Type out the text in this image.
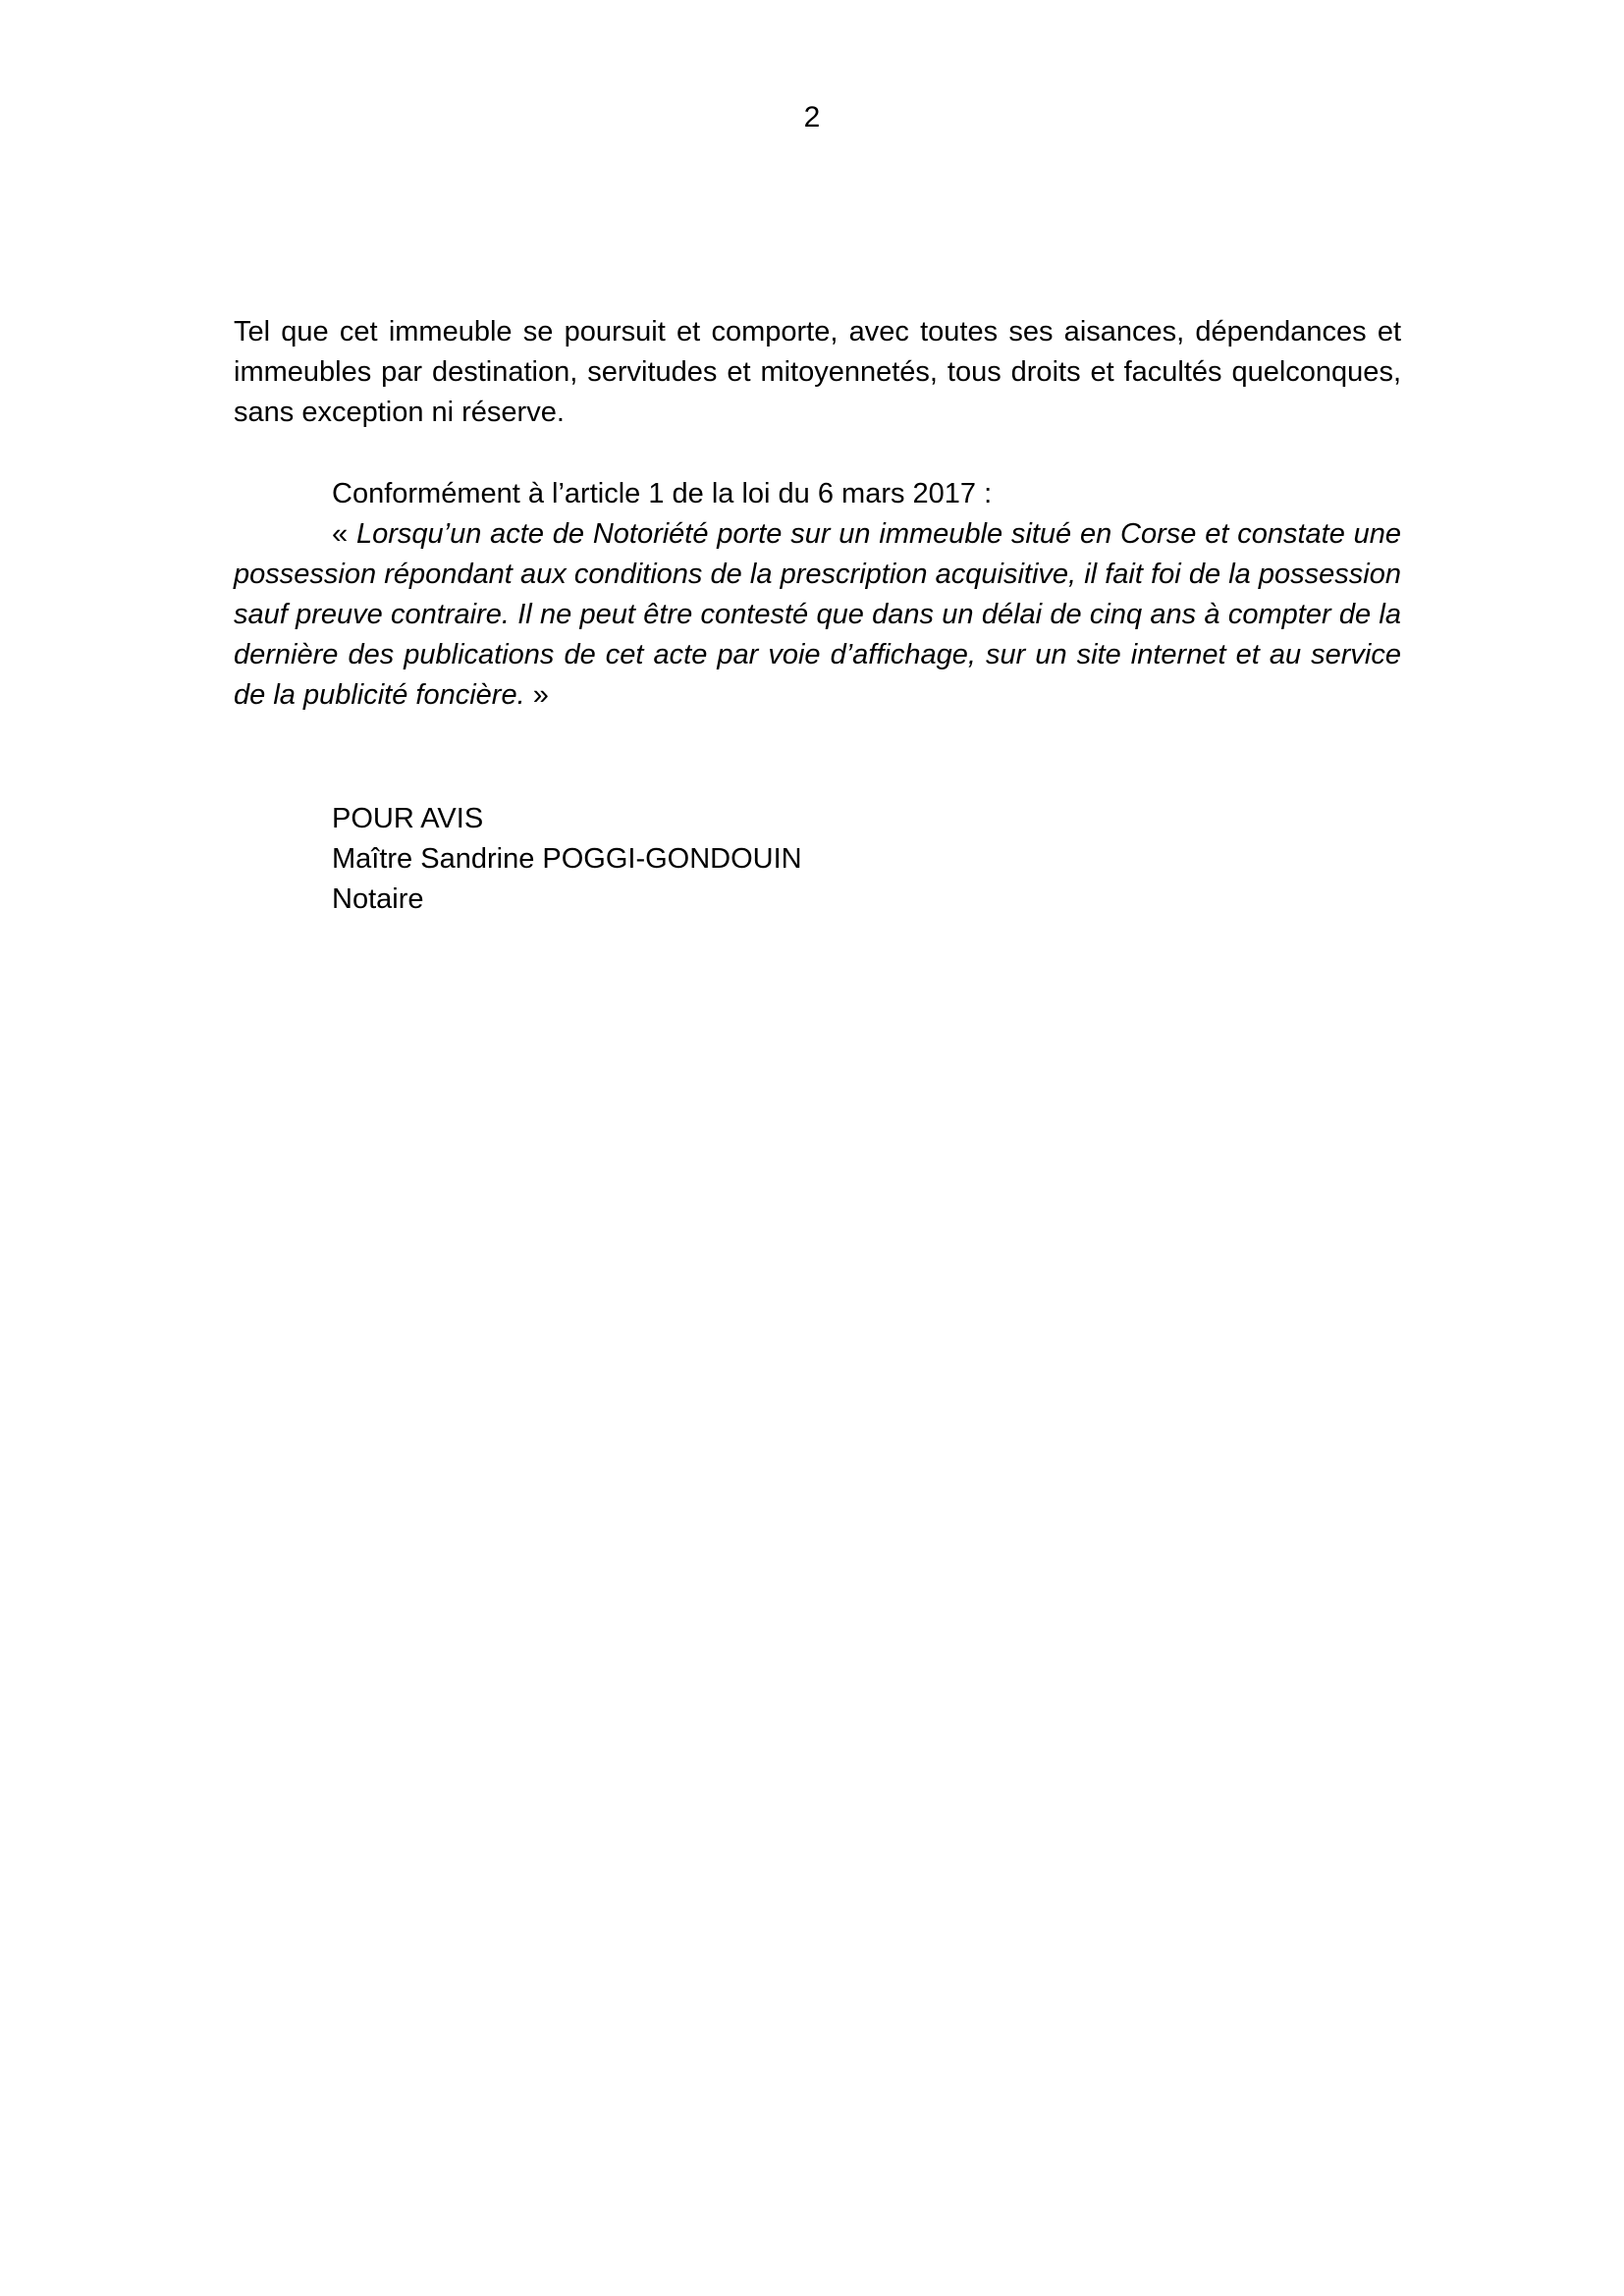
2

Tel que cet immeuble se poursuit et comporte, avec toutes ses aisances, dépendances et immeubles par destination, servitudes et mitoyennetés, tous droits et facultés quelconques, sans exception ni réserve.

Conformément à l’article 1 de la loi du 6 mars 2017 :

« Lorsqu’un acte de Notoriété porte sur un immeuble situé en Corse et constate une possession répondant aux conditions de la prescription acquisitive, il fait foi de la possession sauf preuve contraire. Il ne peut être contesté que dans un délai de cinq ans à compter de la dernière des publications de cet acte par voie d’affichage, sur un site internet et au service de la publicité foncière. »

POUR AVIS
Maître Sandrine POGGI-GONDOUIN
Notaire
